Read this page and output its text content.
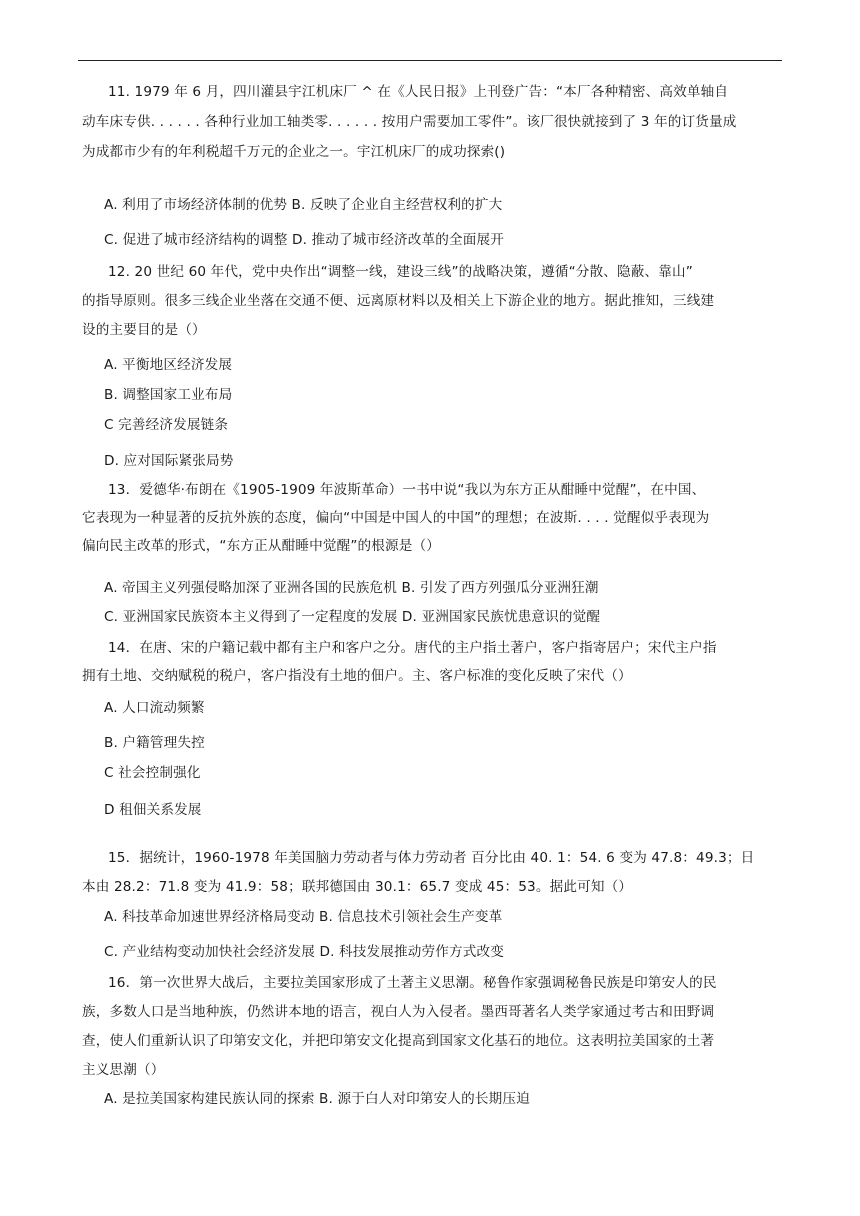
11. 1979 年 6 月，四川灌县宇江机床厂 ^ 在《人民日报》上刊登广告：“本厂各种精密、高效单轴自
动车床专供. . . . . . 各种行业加工轴类零. . . . . . 按用户需要加工零件”。该厂很快就接到了 3 年的订货量成
为成都市少有的年利税超千万元的企业之一。宇江机床厂的成功探索()
A. 利用了市场经济体制的优势 B. 反映了企业自主经营权利的扩大
C. 促进了城市经济结构的调整 D. 推动了城市经济改革的全面展开
12. 20 世纪 60 年代，党中央作出“调整一线，建设三线”的战略决策，遵循“分散、隐蔽、靠山”
的指导原则。很多三线企业坐落在交通不便、远离原材料以及相关上下游企业的地方。据此推知，三线建
设的主要目的是（）
A. 平衡地区经济发展
B. 调整国家工业布局
C 完善经济发展链条
D. 应对国际紧张局势
13．爱德华·布朗在《1905-1909 年波斯革命）一书中说“我以为东方正从酣睡中觉醒”，在中国、
它表现为一种显著的反抗外族的态度，偏向“中国是中国人的中国”的理想；在波斯. . . . 觉醒似乎表现为
偏向民主改革的形式，“东方正从酣睡中觉醒”的根源是（）
A. 帝国主义列强侵略加深了亚洲各国的民族危机 B. 引发了西方列强瓜分亚洲狂潮
C. 亚洲国家民族资本主义得到了一定程度的发展 D. 亚洲国家民族忧患意识的觉醒
14．在唐、宋的户籍记载中都有主户和客户之分。唐代的主户指土著户，客户指寄居户；宋代主户指
拥有土地、交纳赋税的税户，客户指没有土地的佃户。主、客户标准的变化反映了宋代（）
A. 人口流动频繁
B. 户籍管理失控
C 社会控制强化
D 租佃关系发展
15．据统计，1960-1978 年美国脑力劳动者与体力劳动者 百分比由 40. 1：54. 6 变为 47.8：49.3；日
本由 28.2：71.8 变为 41.9：58；联邦德国由 30.1：65.7 变成 45：53。据此可知（）
A. 科技革命加速世界经济格局变动 B. 信息技术引领社会生产变革
C. 产业结构变动加快社会经济发展 D. 科技发展推动劳作方式改变
16．第一次世界大战后，主要拉美国家形成了土著主义思潮。秘鲁作家强调秘鲁民族是印第安人的民
族，多数人口是当地种族，仍然讲本地的语言，视白人为入侵者。墨西哥著名人类学家通过考古和田野调
查，使人们重新认识了印第安文化，并把印第安文化提高到国家文化基石的地位。这表明拉美国家的土著
主义思潮（）
A. 是拉美国家构建民族认同的探索 B. 源于白人对印第安人的长期压迫
